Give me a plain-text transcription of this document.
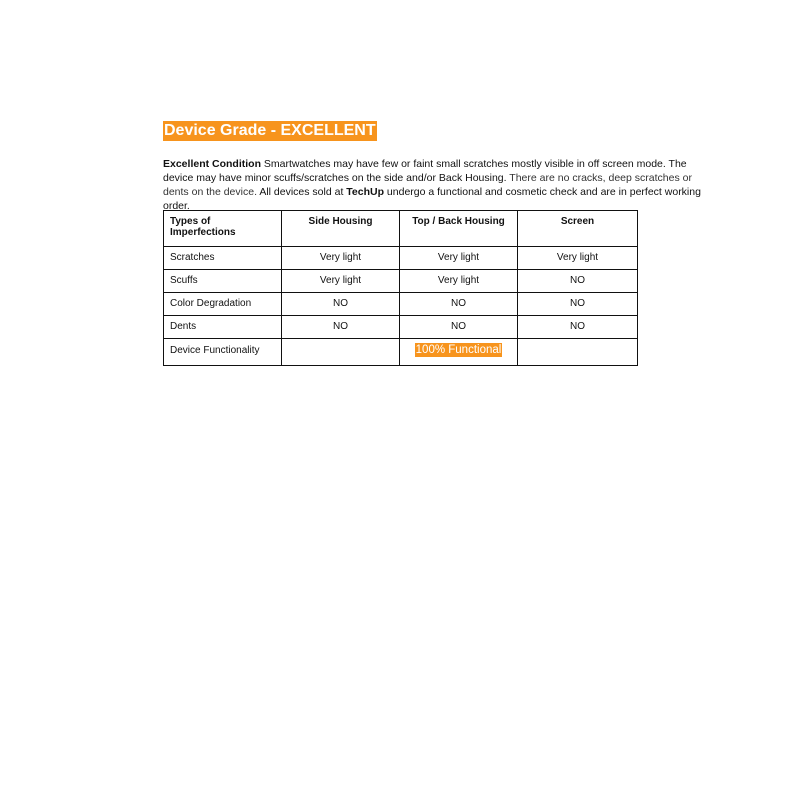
Device Grade - EXCELLENT
Excellent Condition Smartwatches may have few or faint small scratches mostly visible in off screen mode. The device may have minor scuffs/scratches on the side and/or Back Housing. There are no cracks, deep scratches or dents on the device. All devices sold at TechUp undergo a functional and cosmetic check and are in perfect working order.
Types of Imperfections	Side Housing	Top / Back Housing	Screen
Scratches	Very light	Very light	Very light
Scuffs	Very light	Very light	NO
Color Degradation	NO	NO	NO
Dents	NO	NO	NO
Device Functionality		100% Functional	
